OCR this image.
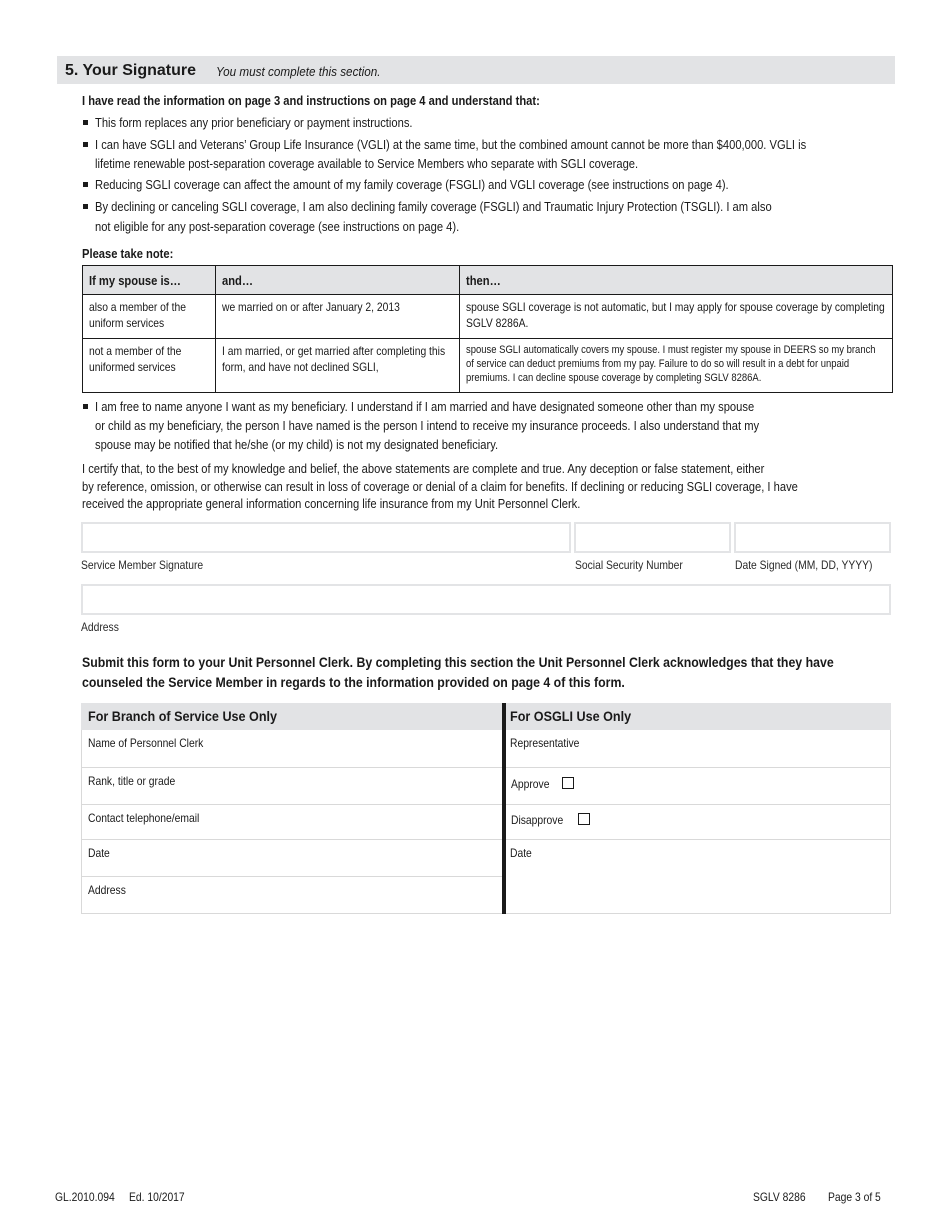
5. Your Signature You must complete this section.
I have read the information on page 3 and instructions on page 4 and understand that:
This form replaces any prior beneficiary or payment instructions.
I can have SGLI and Veterans’ Group Life Insurance (VGLI) at the same time, but the combined amount cannot be more than $400,000. VGLI is
lifetime renewable post-separation coverage available to Service Members who separate with SGLI coverage.
Reducing SGLI coverage can affect the amount of my family coverage (FSGLI) and VGLI coverage (see instructions on page 4).
By declining or canceling SGLI coverage, I am also declining family coverage (FSGLI) and Traumatic Injury Protection (TSGLI). I am also
not eligible for any post-separation coverage (see instructions on page 4).
Please take note:
If my spouse is…	and…	then…

also a member of the uniform services	we married on or after January 2, 2013	spouse SGLI coverage is not automatic, but I may apply for spouse coverage by completing SGLV 8286A.

not a member of the uniformed services	I am married, or get married after completing this form, and have not declined SGLI,	spouse SGLI automatically covers my spouse. I must register my spouse in DEERS so my branch of service can deduct premiums from my pay. Failure to do so will result in a debt for unpaid premiums. I can decline spouse coverage by completing SGLV 8286A.
I am free to name anyone I want as my beneficiary. I understand if I am married and have designated someone other than my spouse
or child as my beneficiary, the person I have named is the person I intend to receive my insurance proceeds. I also understand that my
spouse may be notified that he/she (or my child) is not my designated beneficiary.
I certify that, to the best of my knowledge and belief, the above statements are complete and true. Any deception or false statement, either
by reference, omission, or otherwise can result in loss of coverage or denial of a claim for benefits. If declining or reducing SGLI coverage, I have
received the appropriate general information concerning life insurance from my Unit Personnel Clerk.
Service Member Signature	Social Security Number	Date Signed (MM, DD, YYYY)
Address
Submit this form to your Unit Personnel Clerk. By completing this section the Unit Personnel Clerk acknowledges that they have
counseled the Service Member in regards to the information provided on page 4 of this form.
For Branch of Service Use Only
Name of Personnel Clerk
Rank, title or grade
Contact telephone/email
Date
Address
For OSGLI Use Only
Representative
Approve
Disapprove
Date
GL.2010.094 Ed. 10/2017	SGLV 8286 Page 3 of 5
